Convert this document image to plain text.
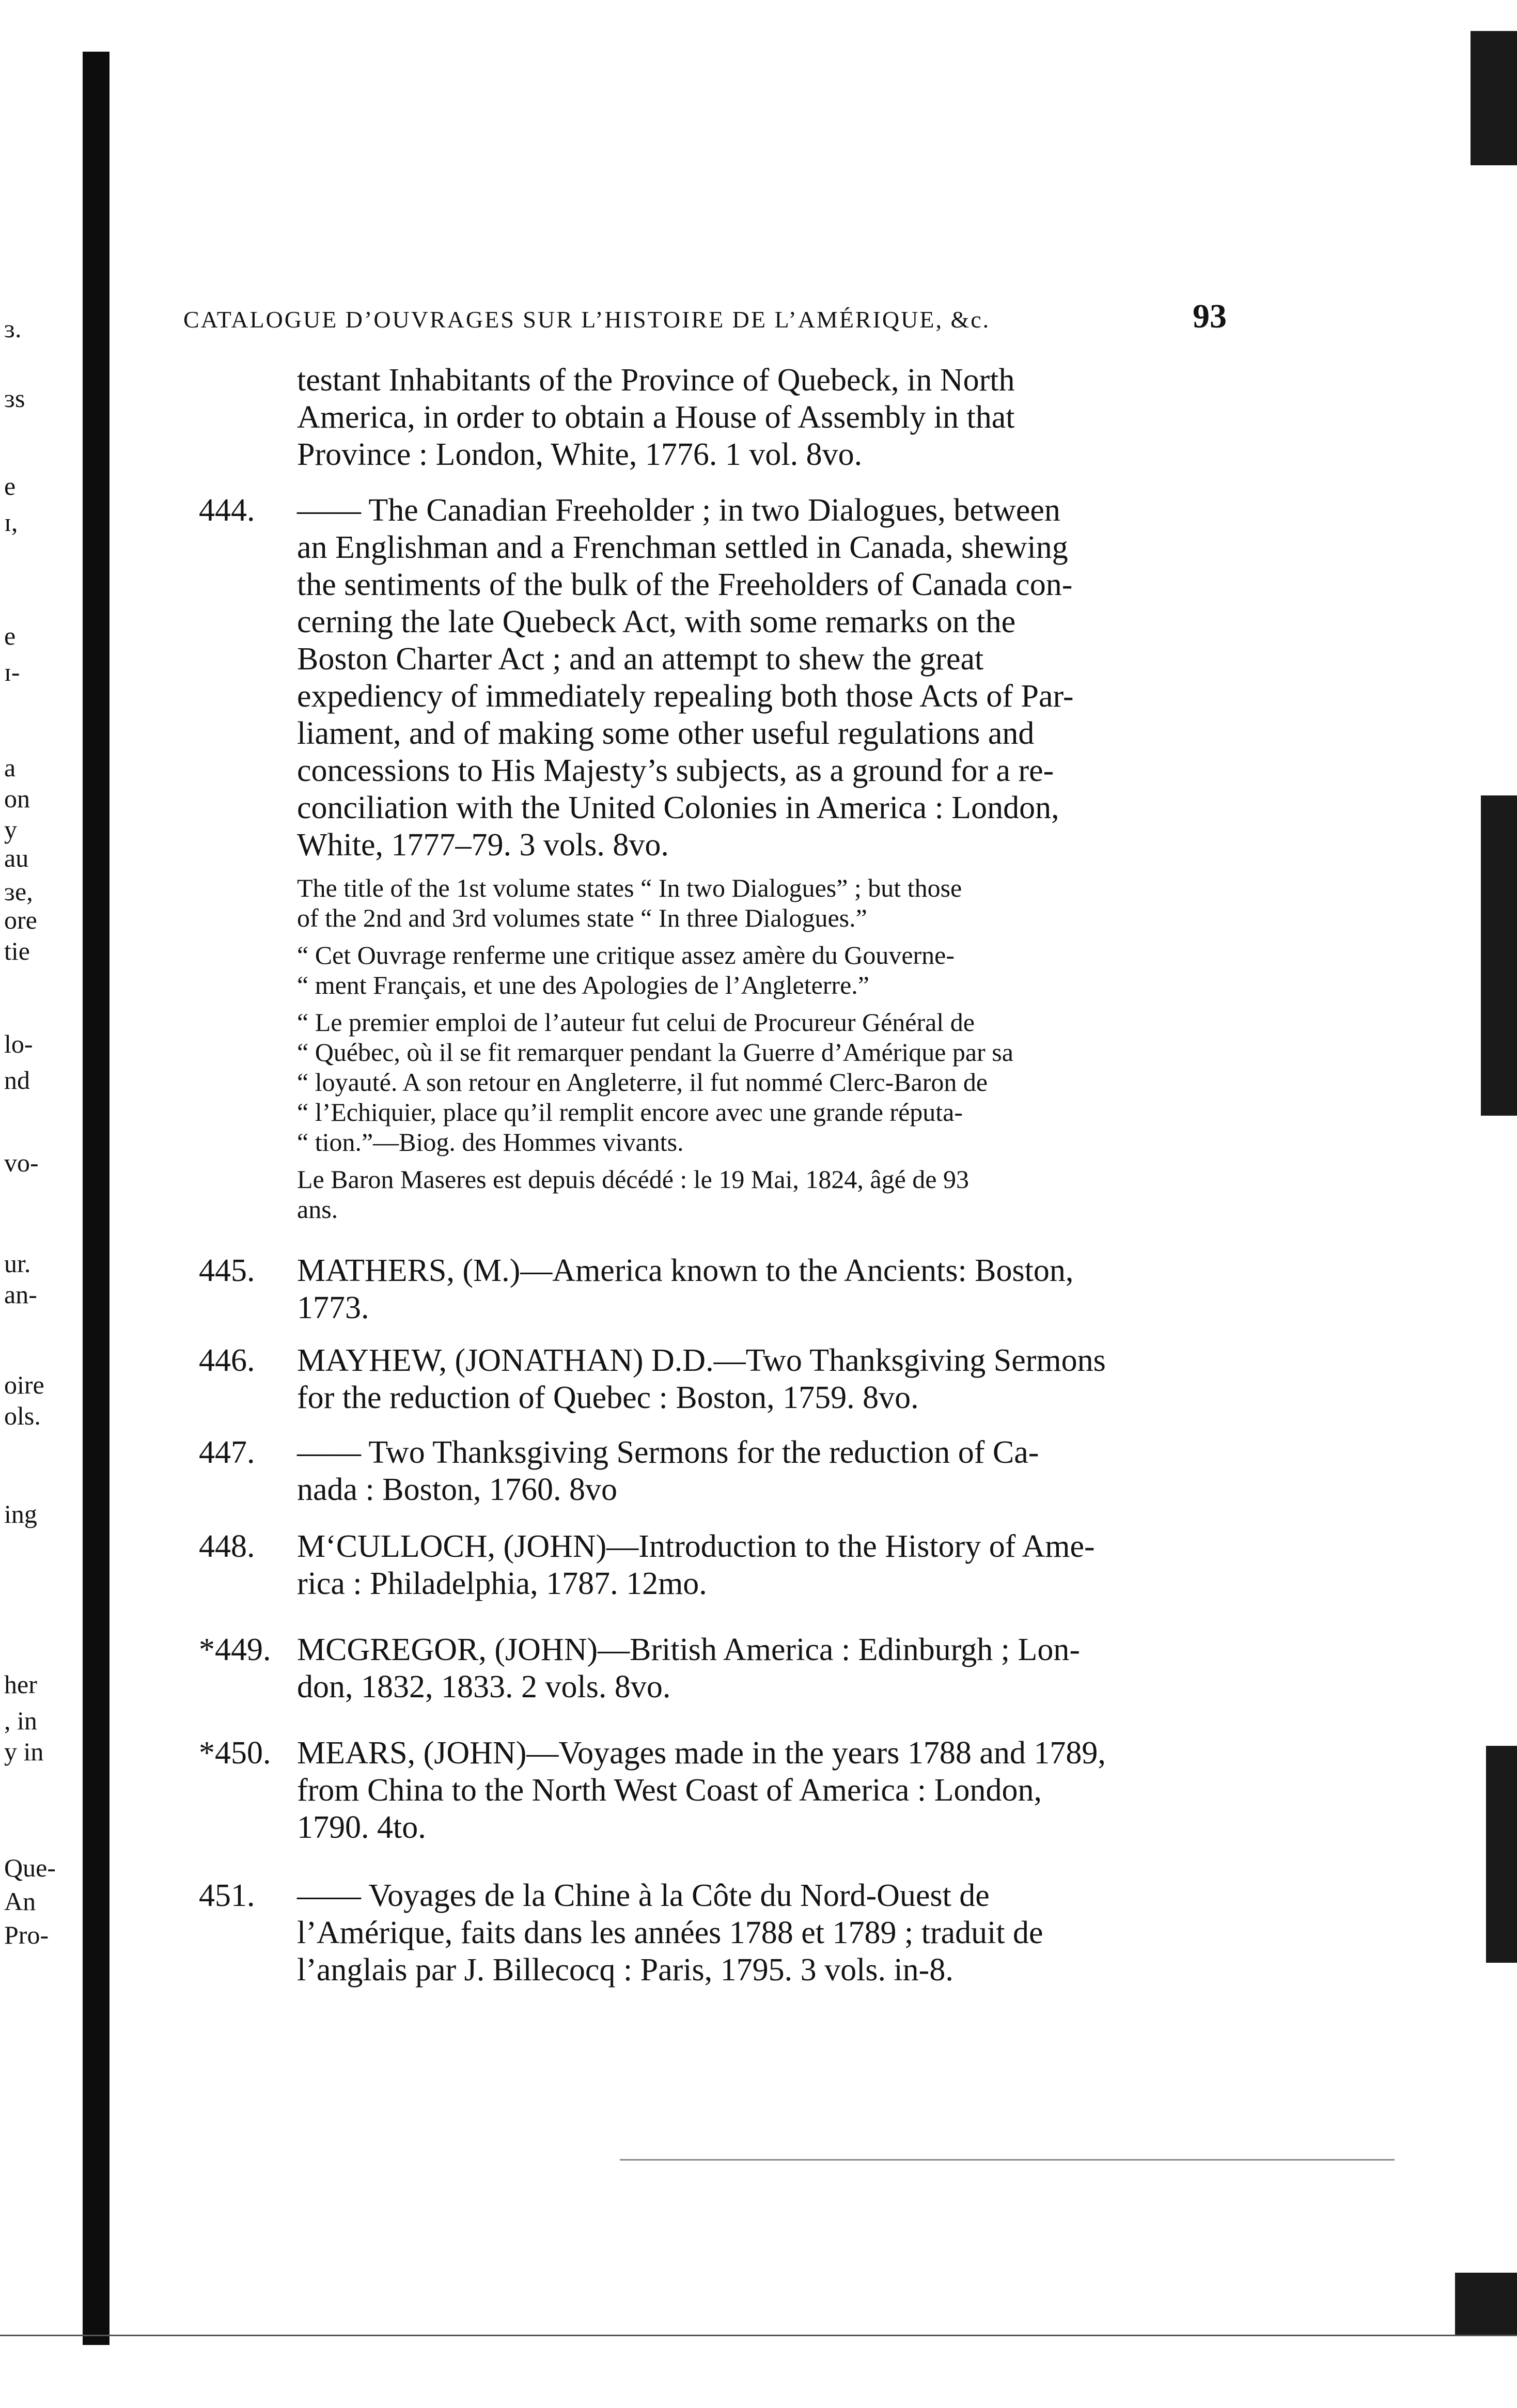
ɜ.
ɜs
e
ɪ,
e
ɪ-
a
on
y
au
ɜe,
ore
tie
lo-
nd
vo-
ur.
an-
oire
ols.
ing
her
, in
y in
Que-
An
Pro-
CATALOGUE D’OUVRAGES SUR L’HISTOIRE DE L’AMÉRIQUE, &c.	93
testant Inhabitants of the Province of Quebeck, in North
America, in order to obtain a House of Assembly in that
Province : London, White, 1776. 1 vol. 8vo.
444. —— The Canadian Freeholder ; in two Dialogues, between
an Englishman and a Frenchman settled in Canada, shewing
the sentiments of the bulk of the Freeholders of Canada con-
cerning the late Quebeck Act, with some remarks on the
Boston Charter Act ; and an attempt to shew the great
expediency of immediately repealing both those Acts of Par-
liament, and of making some other useful regulations and
concessions to His Majesty’s subjects, as a ground for a re-
conciliation with the United Colonies in America : London,
White, 1777–79. 3 vols. 8vo.
The title of the 1st volume states “ In two Dialogues” ; but those
of the 2nd and 3rd volumes state “ In three Dialogues.”
“ Cet Ouvrage renferme une critique assez amère du Gouverne-
“ ment Français, et une des Apologies de l’Angleterre.”
“ Le premier emploi de l’auteur fut celui de Procureur Général de
“ Québec, où il se fit remarquer pendant la Guerre d’Amérique par sa
“ loyauté. A son retour en Angleterre, il fut nommé Clerc-Baron de
“ l’Echiquier, place qu’il remplit encore avec une grande réputa-
“ tion.”—Biog. des Hommes vivants.
Le Baron Maseres est depuis décédé : le 19 Mai, 1824, âgé de 93
ans.
445. MATHERS, (M.)—America known to the Ancients: Boston,
1773.
446. MAYHEW, (JONATHAN) D.D.—Two Thanksgiving Sermons
for the reduction of Quebec : Boston, 1759. 8vo.
447. —— Two Thanksgiving Sermons for the reduction of Ca-
nada : Boston, 1760. 8vo
448. M‘CULLOCH, (JOHN)—Introduction to the History of Ame-
rica : Philadelphia, 1787. 12mo.
*449. MCGREGOR, (JOHN)—British America : Edinburgh ; Lon-
don, 1832, 1833. 2 vols. 8vo.
*450. MEARS, (JOHN)—Voyages made in the years 1788 and 1789,
from China to the North West Coast of America : London,
1790. 4to.
451. —— Voyages de la Chine à la Côte du Nord-Ouest de
l’Amérique, faits dans les années 1788 et 1789 ; traduit de
l’anglais par J. Billecocq : Paris, 1795. 3 vols. in-8.
